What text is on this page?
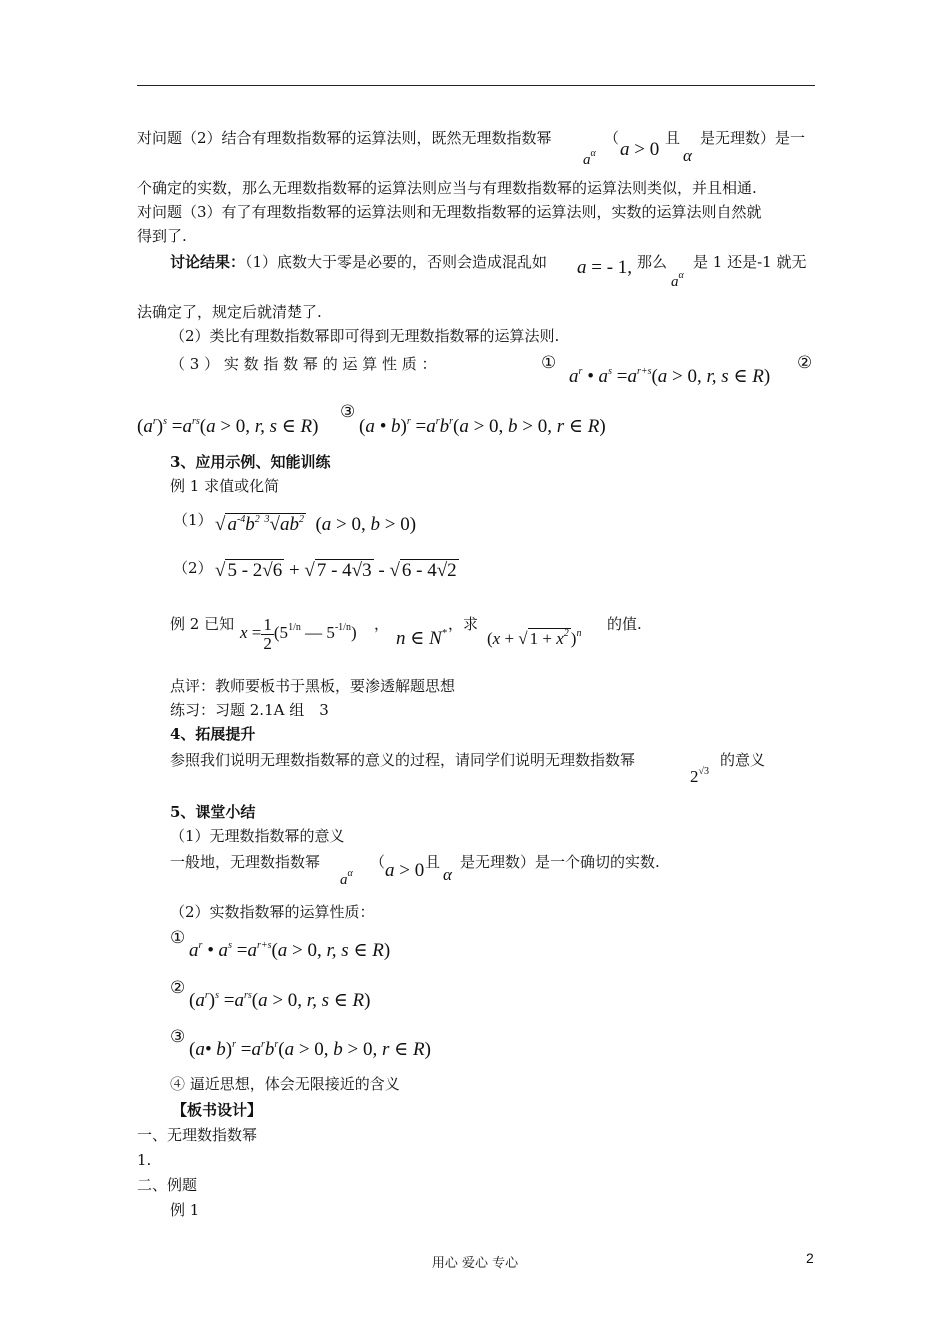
对问题（2）结合有理数指数幂的运算法则，既然无理数指数幂
$a^\alpha$
（
a > 0
且
α
是无理数）是一
个确定的实数，那么无理数指数幂的运算法则应当与有理数指数幂的运算法则类似，并且相通.
对问题（3）有了有理数指数幂的运算法则和无理数指数幂的运算法则，实数的运算法则自然就
得到了.
讨论结果：（1）底数大于零是必要的，否则会造成混乱如 a = - 1, 那么
$a^\alpha$
是 1 还是-1 就无
法确定了，规定后就清楚了.
（2）类比有理数指数幂即可得到无理数指数幂的运算法则.
（ 3 ） 实 数 指 数 幂 的 运 算 性 质 ：	①
$a^r$ • $a^s =a^{r+s}(a > 0$, r, s ∈ R)
②
$(a^r)^s =a^{rs}(a > 0$, r, s ∈ R)
③
(a • $b)^r =a^rb^r(a > 0$, b > 0, r ∈ R)
3、应用示例、知能训练
例 1 求值或化简
（1） √ $a^{-4}b^2$ $^3√ab^2$ (a > 0, b > 0)
（2） √ 5 - 2√6 + √ 7 - 4√3 - √ 6 - 4√2
例 2 已知 $x = \frac{1}{2} (5^{1/n}$ — $5^{-1/n}$) ，
n ∈ N*
，求
(x + √ $1 + x^2$ )$^n$
的值.
点评：教师要板书于黑板，要渗透解题思想
练习：习题 2.1A 组　3
4、拓展提升
参照我们说明无理数指数幂的意义的过程，请同学们说明无理数指数幂
$2^{√3}$
的意义
5、课堂小结
（1）无理数指数幂的意义
一般地，无理数指数幂
$a^\alpha$
（ a > 0 且
α
是无理数）是一个确切的实数.
（2）实数指数幂的运算性质：
①
$a^r$ • $a^s =a^{r+s}(a > 0$, r, s ∈ R)
②
$(a^r)^s =a^{rs}(a > 0$, r, s ∈ R)
③
(a• $b)^r =a^rb^r(a > 0$, b > 0, r ∈ R)
④ 逼近思想，体会无限接近的含义
【板书设计】
一、无理数指数幂
1.
二、例题
例 1
用心 爱心 专心	2
